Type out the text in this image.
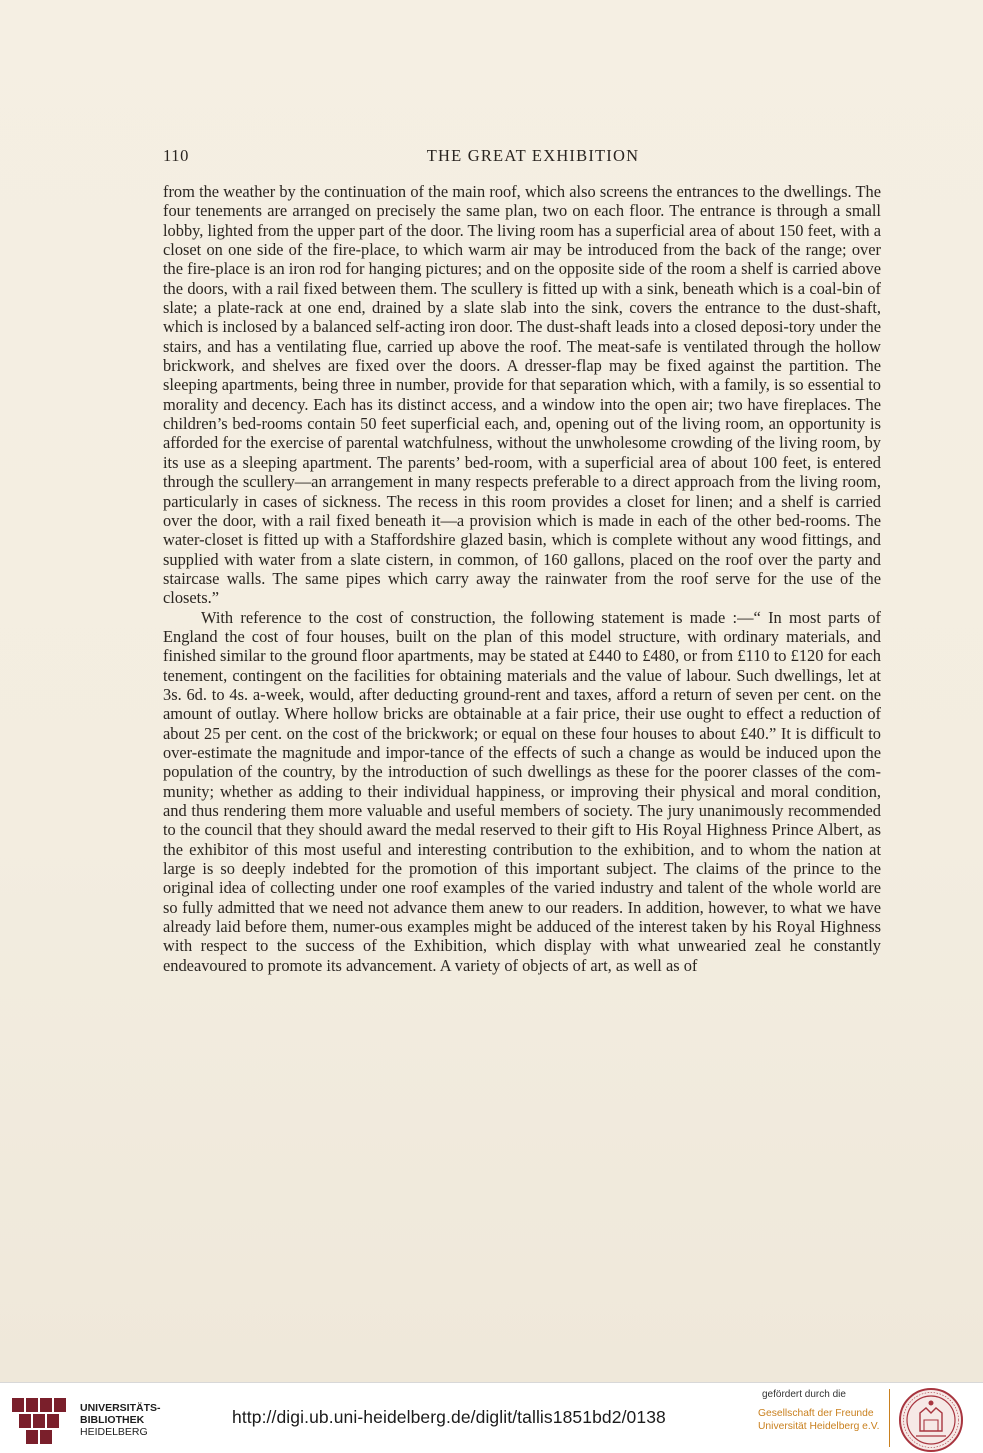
110	THE GREAT EXHIBITION

from the weather by the continuation of the main roof, which also screens the entrances to the dwellings. The four tenements are arranged on precisely the same plan, two on each floor. The entrance is through a small lobby, lighted from the upper part of the door. The living room has a superficial area of about 150 feet, with a closet on one side of the fire-place, to which warm air may be introduced from the back of the range; over the fire-place is an iron rod for hanging pictures; and on the opposite side of the room a shelf is carried above the doors, with a rail fixed between them. The scullery is fitted up with a sink, beneath which is a coal-bin of slate; a plate-rack at one end, drained by a slate slab into the sink, covers the entrance to the dust-shaft, which is inclosed by a balanced self-acting iron door. The dust-shaft leads into a closed deposi-tory under the stairs, and has a ventilating flue, carried up above the roof. The meat-safe is ventilated through the hollow brickwork, and shelves are fixed over the doors. A dresser-flap may be fixed against the partition. The sleeping apartments, being three in number, provide for that separation which, with a family, is so essential to morality and decency. Each has its distinct access, and a window into the open air; two have fireplaces. The children’s bed-rooms contain 50 feet superficial each, and, opening out of the living room, an opportunity is afforded for the exercise of parental watchfulness, without the unwholesome crowding of the living room, by its use as a sleeping apartment. The parents’ bed-room, with a superficial area of about 100 feet, is entered through the scullery—an arrangement in many respects preferable to a direct approach from the living room, particularly in cases of sickness. The recess in this room provides a closet for linen; and a shelf is carried over the door, with a rail fixed beneath it—a provision which is made in each of the other bed-rooms. The water-closet is fitted up with a Staffordshire glazed basin, which is complete without any wood fittings, and supplied with water from a slate cistern, in common, of 160 gallons, placed on the roof over the party and staircase walls. The same pipes which carry away the rainwater from the roof serve for the use of the closets.”

With reference to the cost of construction, the following statement is made :—“ In most parts of England the cost of four houses, built on the plan of this model structure, with ordinary materials, and finished similar to the ground floor apartments, may be stated at £440 to £480, or from £110 to £120 for each tenement, contingent on the facilities for obtaining materials and the value of labour. Such dwellings, let at 3s. 6d. to 4s. a-week, would, after deducting ground-rent and taxes, afford a return of seven per cent. on the amount of outlay. Where hollow bricks are obtainable at a fair price, their use ought to effect a reduction of about 25 per cent. on the cost of the brickwork; or equal on these four houses to about £40.” It is difficult to over-estimate the magnitude and impor-tance of the effects of such a change as would be induced upon the population of the country, by the introduction of such dwellings as these for the poorer classes of the com-munity; whether as adding to their individual happiness, or improving their physical and moral condition, and thus rendering them more valuable and useful members of society. The jury unanimously recommended to the council that they should award the medal reserved to their gift to His Royal Highness Prince Albert, as the exhibitor of this most useful and interesting contribution to the exhibition, and to whom the nation at large is so deeply indebted for the promotion of this important subject. The claims of the prince to the original idea of collecting under one roof examples of the varied industry and talent of the whole world are so fully admitted that we need not advance them anew to our readers. In addition, however, to what we have already laid before them, numer-ous examples might be adduced of the interest taken by his Royal Highness with respect to the success of the Exhibition, which display with what unwearied zeal he constantly endeavoured to promote its advancement. A variety of objects of art, as well as of

UNIVERSITÄTS-
BIBLIOTHEK
HEIDELBERG
http://digi.ub.uni-heidelberg.de/diglit/tallis1851bd2/0138
gefördert durch die
Gesellschaft der Freunde
Universität Heidelberg e.V.
